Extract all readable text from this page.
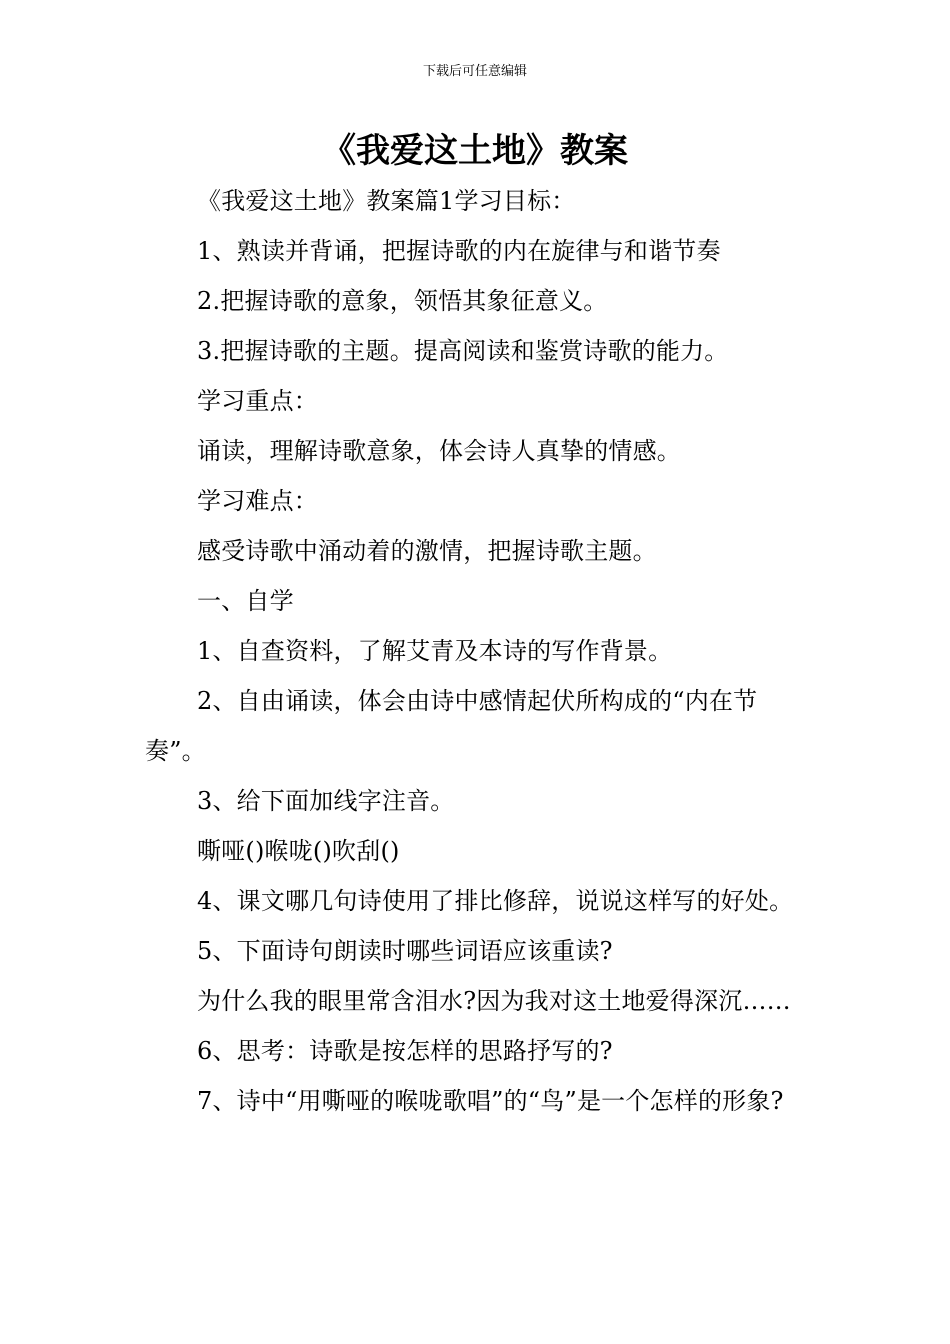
下载后可任意编辑
《我爱这土地》教案

《我爱这土地》教案篇1学习目标：

1、熟读并背诵，把握诗歌的内在旋律与和谐节奏

2.把握诗歌的意象，领悟其象征意义。

3.把握诗歌的主题。提高阅读和鉴赏诗歌的能力。

学习重点：

诵读，理解诗歌意象，体会诗人真挚的情感。

学习难点：

感受诗歌中涌动着的激情，把握诗歌主题。

一、自学

1、自查资料，了解艾青及本诗的写作背景。

2、自由诵读，体会由诗中感情起伏所构成的“内在节奏”。

3、给下面加线字注音。

嘶哑()喉咙()吹刮()

4、课文哪几句诗使用了排比修辞，说说这样写的好处。

5、下面诗句朗读时哪些词语应该重读?

为什么我的眼里常含泪水?因为我对这土地爱得深沉……

6、思考：诗歌是按怎样的思路抒写的?

7、诗中“用嘶哑的喉咙歌唱”的“鸟”是一个怎样的形象?
